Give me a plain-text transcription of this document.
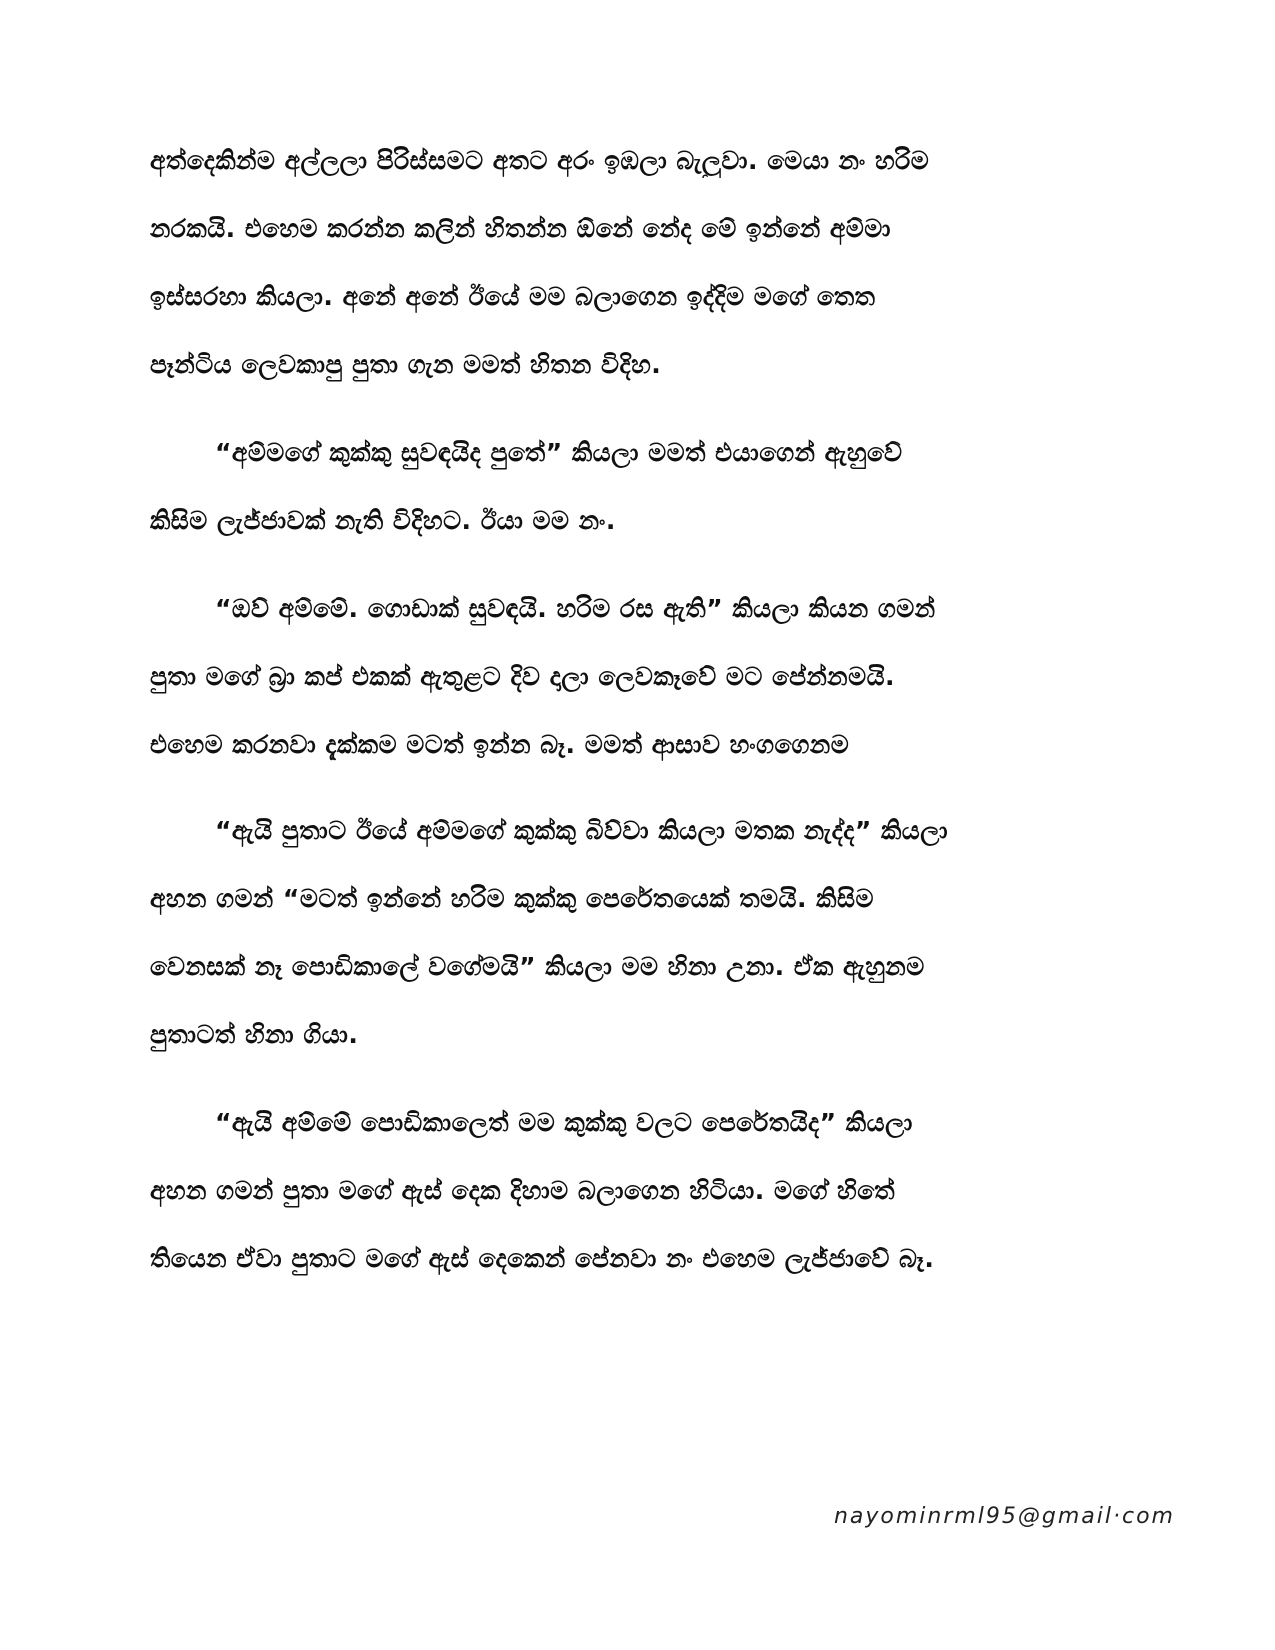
අත්දෙකින්ම අල්ලලා පිරිස්සමට අතට අරං ඉඹලා බැලුවා. මෙයා නං හරිම
නරකයි. එහෙම කරන්න කලින් හිතන්න ඕනේ නේද මේ ඉන්නේ අම්මා
ඉස්සරහා කියලා. අනේ අනේ ඊයේ මම බලාගෙන ඉද්දිම මගේ තෙත
පෑන්ටිය ලෙවකාපු පුතා ගැන මමත් හිතන විදිහ.
“අම්මගේ කුක්කු සුවඳයිද පුතේ” කියලා මමත් එයාගෙන් ඇහුවේ
කිසිම ලැජ්ජාවක් නැති විදිහට. ඊයා මම නං.
“ඔව් අම්මේ. ගොඩාක් සුවඳයි. හරිම රස ඇති” කියලා කියන ගමන්
පුතා මගේ බ්‍රා කප් එකක් ඇතුළට දිව දාලා ලෙවකෑවේ මට පේන්නමයි.
එහෙම කරනවා දැක්කම මටත් ඉන්න බෑ. මමත් ආසාව හංගගෙනම
“ඇයි පුතාට ඊයේ අම්මගේ කුක්කු බිව්වා කියලා මතක නැද්ද” කියලා
අහන ගමන් “මටත් ඉන්නේ හරිම කුක්කු පෙරේතයෙක් තමයි. කිසිම
වෙනසක් නෑ පොඩිකාලේ වගේමයි” කියලා මම හිනා උනා. ඒක ඇහුනම
පුතාටත් හිනා ගියා.
“ඇයි අම්මේ පොඩිකාලෙත් මම කුක්කු වලට පෙරේතයිද” කියලා
අහන ගමන් පුතා මගේ ඇස් දෙක දිහාම බලාගෙන හිටියා. මගේ හිතේ
තියෙන ඒවා පුතාට මගේ ඇස් දෙකෙන් පේනවා නං එහෙම ලැජ්ජාවේ බෑ.
nayominrml95@gmail·com
